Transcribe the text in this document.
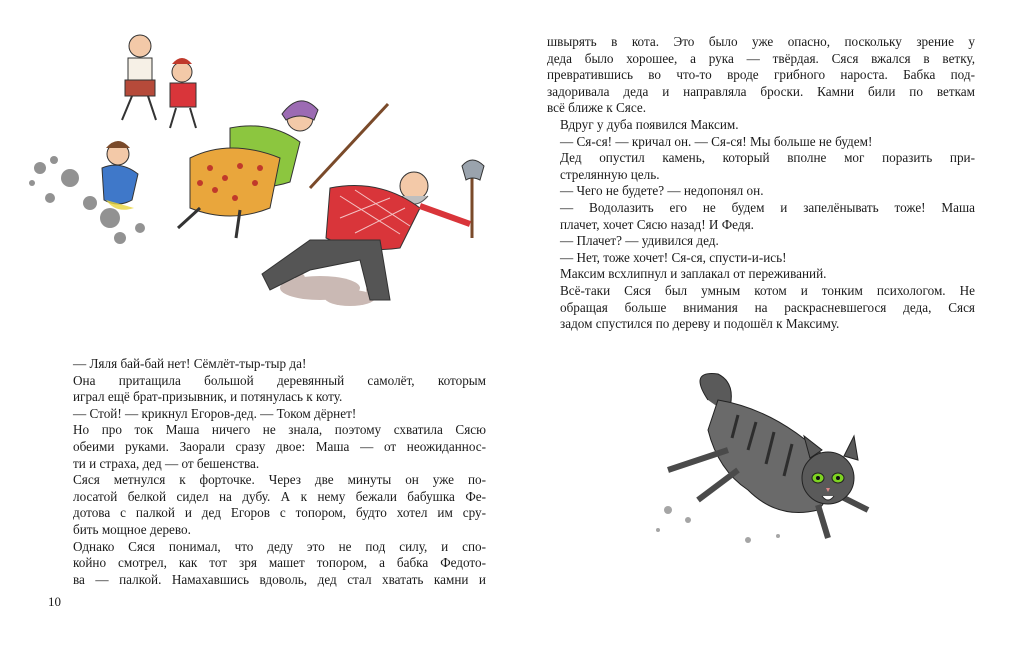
— Ляля бай-бай нет! Сёмлёт-тыр-тыр да!

Она притащила большой деревянный самолёт, которым
играл ещё брат-призывник, и потянулась к коту.

— Стой! — крикнул Егоров-дед. — Током дёрнет!

Но про ток Маша ничего не знала, поэтому схватила Сясю
обеими руками. Заорали сразу двое: Маша — от неожиданнос-
ти и страха, дед — от бешенства.

Сяся метнулся к форточке. Через две минуты он уже по-
лосатой белкой сидел на дубу. А к нему бежали бабушка Фе-
дотова с палкой и дед Егоров с топором, будто хотел им сру-
бить мощное дерево.

Однако Сяся понимал, что деду это не под силу, и спо-
койно смотрел, как тот зря машет топором, а бабка Федото-
ва — палкой. Намахавшись вдоволь, дед стал хватать камни и

10

швырять в кота. Это было уже опасно, поскольку зрение у
деда было хорошее, а рука — твёрдая. Сяся вжался в ветку,
превратившись во что-то вроде грибного нароста. Бабка под-
задоривала деда и направляла броски. Камни били по веткам
всё ближе к Сясе.

Вдруг у дуба появился Максим.

— Ся-ся! — кричал он. — Ся-ся! Мы больше не будем!

Дед опустил камень, который вполне мог поразить при-
стрелянную цель.

— Чего не будете? — недопонял он.

— Водолазить его не будем и запелёнывать тоже! Маша
плачет, хочет Сясю назад! И Федя.

— Плачет? — удивился дед.

— Нет, тоже хочет! Ся-ся, спусти-и-ись!

Максим всхлипнул и заплакал от переживаний.

Всё-таки Сяся был умным котом и тонким психологом. Не
обращая больше внимания на раскрасневшегося деда, Сяся
задом спустился по дереву и подошёл к Максиму.
